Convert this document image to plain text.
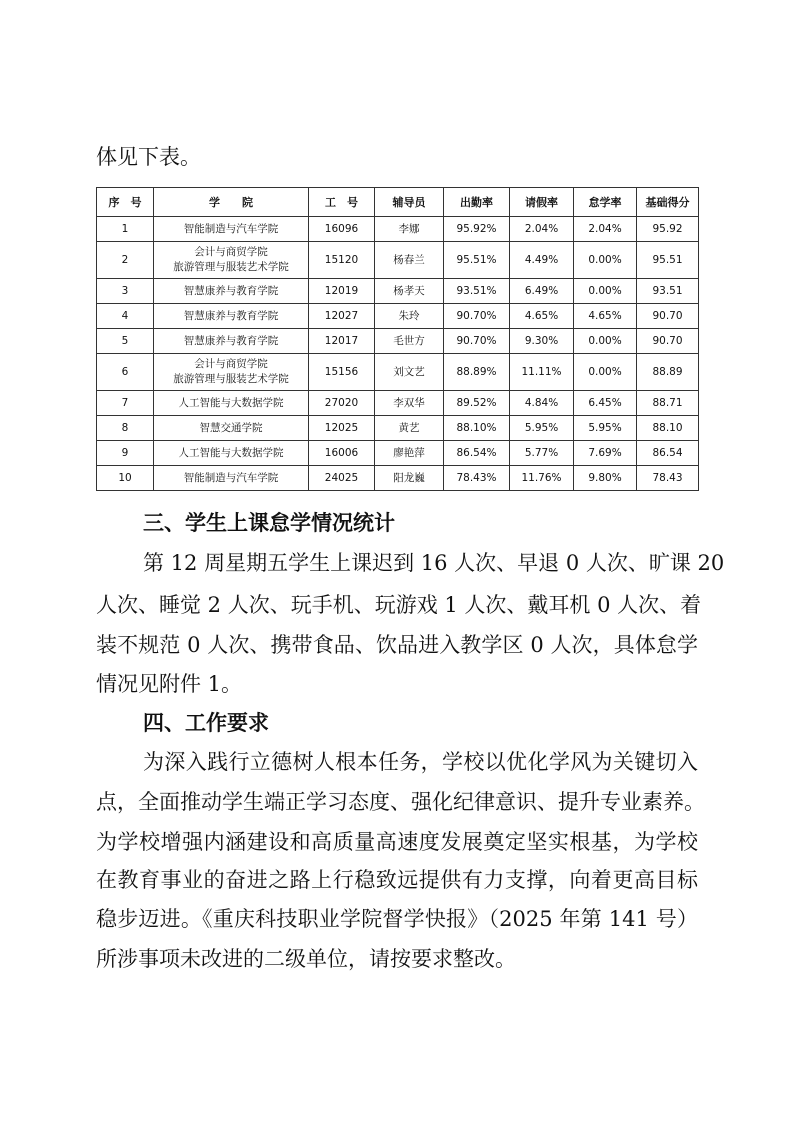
体见下表。
序　号	学　　院	工　号	辅导员	出勤率	请假率	怠学率	基础得分
1	智能制造与汽车学院	16096	李娜	95.92%	2.04%	2.04%	95.92
2	会计与商贸学院
旅游管理与服装艺术学院	15120	杨春兰	95.51%	4.49%	0.00%	95.51
3	智慧康养与教育学院	12019	杨孝天	93.51%	6.49%	0.00%	93.51
4	智慧康养与教育学院	12027	朱玲	90.70%	4.65%	4.65%	90.70
5	智慧康养与教育学院	12017	毛世方	90.70%	9.30%	0.00%	90.70
6	会计与商贸学院
旅游管理与服装艺术学院	15156	刘文艺	88.89%	11.11%	0.00%	88.89
7	人工智能与大数据学院	27020	李双华	89.52%	4.84%	6.45%	88.71
8	智慧交通学院	12025	黄艺	88.10%	5.95%	5.95%	88.10
9	人工智能与大数据学院	16006	廖艳萍	86.54%	5.77%	7.69%	86.54
10	智能制造与汽车学院	24025	阳龙巍	78.43%	11.76%	9.80%	78.43
三、学生上课怠学情况统计
第 12 周星期五学生上课迟到 16 人次、早退 0 人次、旷课 20
人次、睡觉 2 人次、玩手机、玩游戏 1 人次、戴耳机 0 人次、着
装不规范 0 人次、携带食品、饮品进入教学区 0 人次，具体怠学
情况见附件 1。
四、工作要求
为深入践行立德树人根本任务，学校以优化学风为关键切入
点，全面推动学生端正学习态度、强化纪律意识、提升专业素养。
为学校增强内涵建设和高质量高速度发展奠定坚实根基，为学校
在教育事业的奋进之路上行稳致远提供有力支撑，向着更高目标
稳步迈进。《重庆科技职业学院督学快报》（2025 年第 141 号）
所涉事项未改进的二级单位，请按要求整改。
